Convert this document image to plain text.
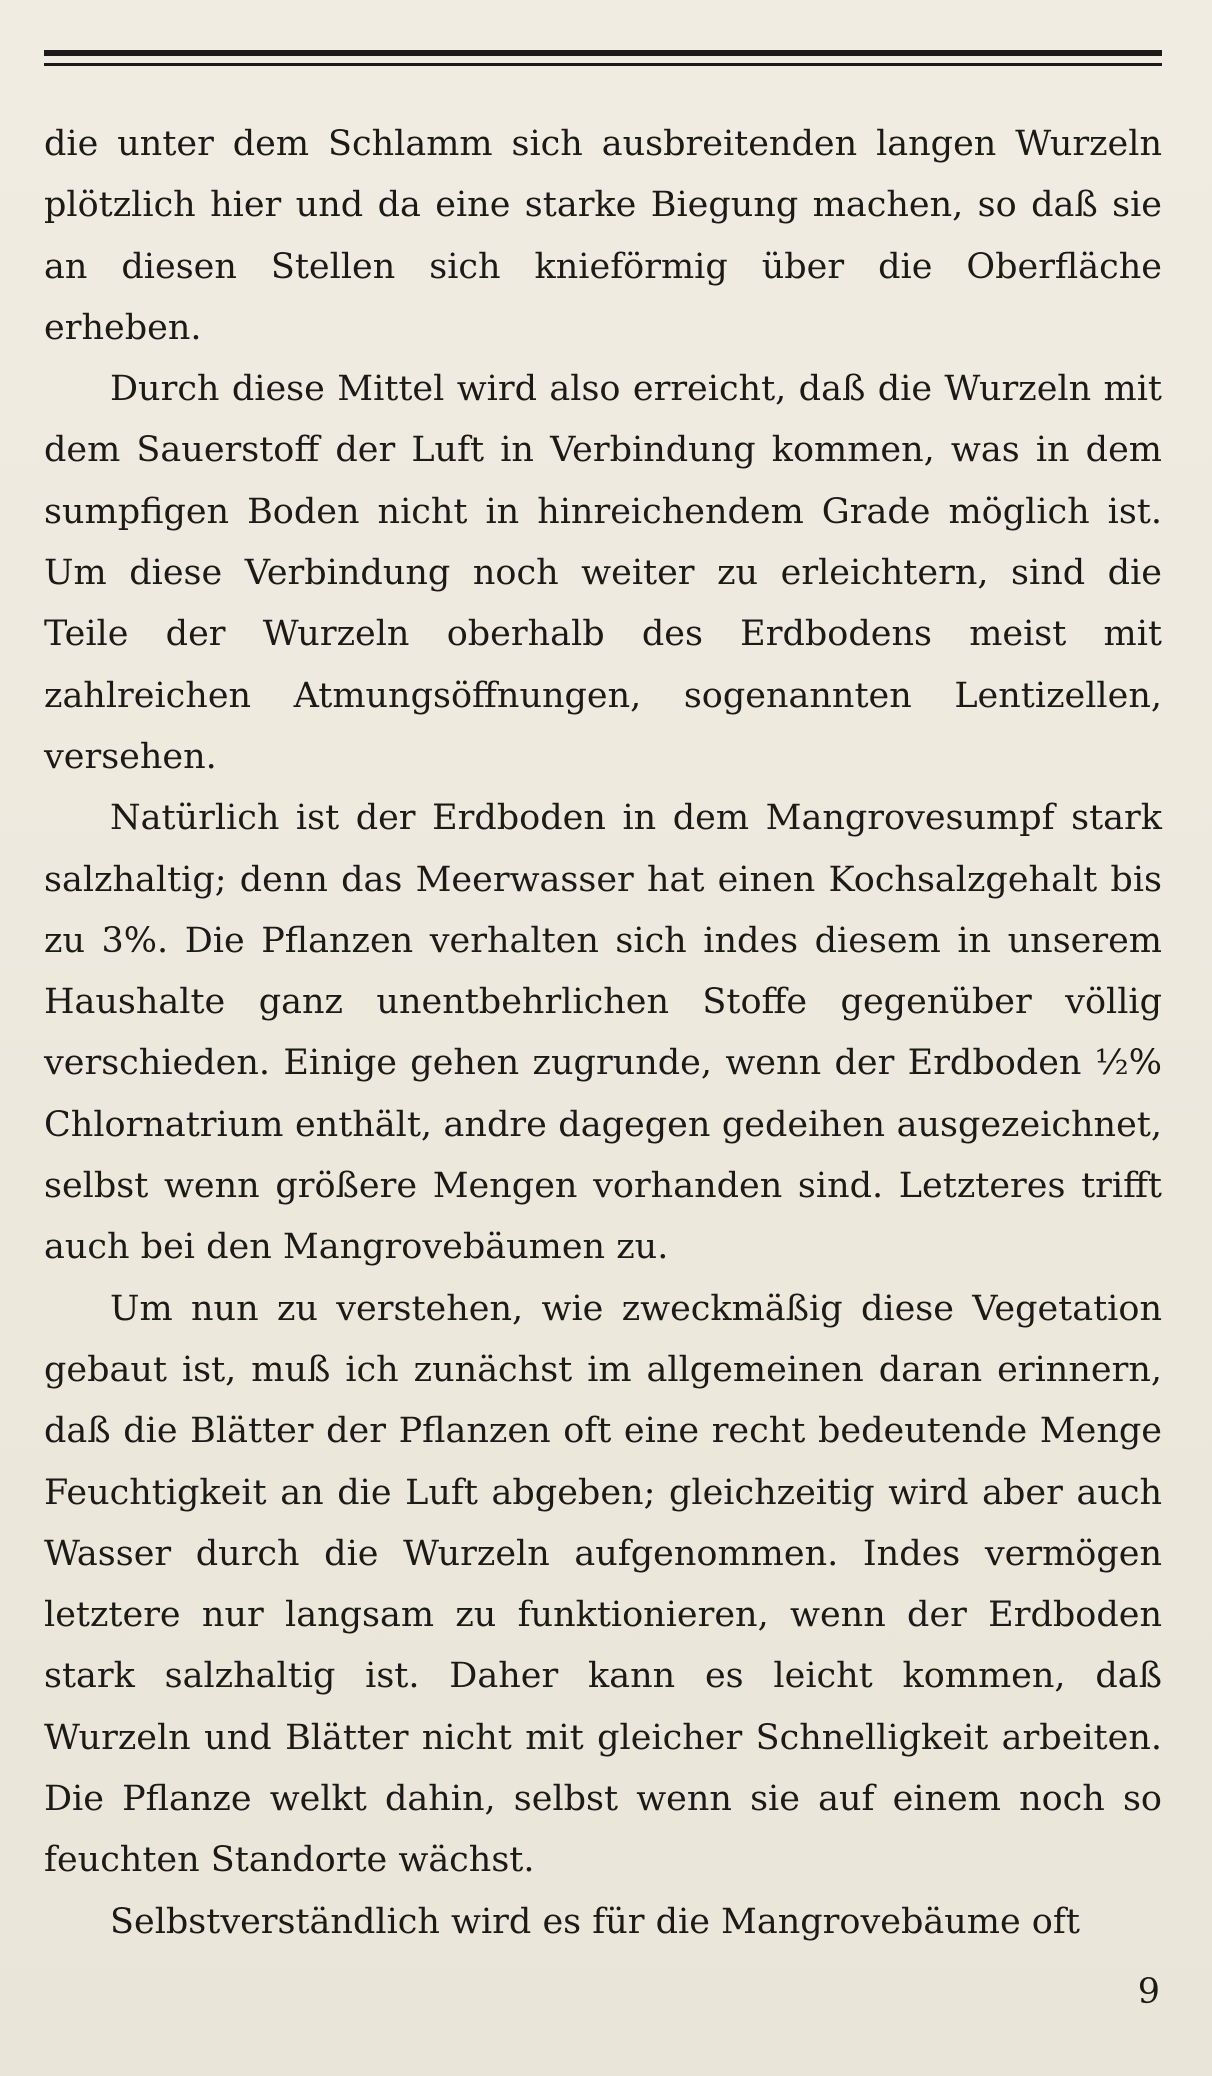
die unter dem Schlamm sich ausbreitenden langen Wurzeln plötzlich hier und da eine starke Biegung machen, so daß sie an diesen Stellen sich knieförmig über die Oberfläche erheben.

Durch diese Mittel wird also erreicht, daß die Wurzeln mit dem Sauerstoff der Luft in Verbindung kommen, was in dem sumpfigen Boden nicht in hinreichendem Grade möglich ist. Um diese Verbindung noch weiter zu erleichtern, sind die Teile der Wurzeln oberhalb des Erdbodens meist mit zahlreichen Atmungsöffnungen, sogenannten Lentizellen, versehen.

Natürlich ist der Erdboden in dem Mangrovesumpf stark salzhaltig; denn das Meerwasser hat einen Kochsalzgehalt bis zu 3%. Die Pflanzen verhalten sich indes diesem in unserem Haushalte ganz unentbehrlichen Stoffe gegenüber völlig verschieden. Einige gehen zugrunde, wenn der Erdboden ½% Chlornatrium enthält, andre dagegen gedeihen ausgezeichnet, selbst wenn größere Mengen vorhanden sind. Letzteres trifft auch bei den Mangrovebäumen zu.

Um nun zu verstehen, wie zweckmäßig diese Vegetation gebaut ist, muß ich zunächst im allgemeinen daran erinnern, daß die Blätter der Pflanzen oft eine recht bedeutende Menge Feuchtigkeit an die Luft abgeben; gleichzeitig wird aber auch Wasser durch die Wurzeln aufgenommen. Indes vermögen letztere nur langsam zu funktionieren, wenn der Erdboden stark salzhaltig ist. Daher kann es leicht kommen, daß Wurzeln und Blätter nicht mit gleicher Schnelligkeit arbeiten. Die Pflanze welkt dahin, selbst wenn sie auf einem noch so feuchten Standorte wächst.

Selbstverständlich wird es für die Mangrovebäume oft

9
